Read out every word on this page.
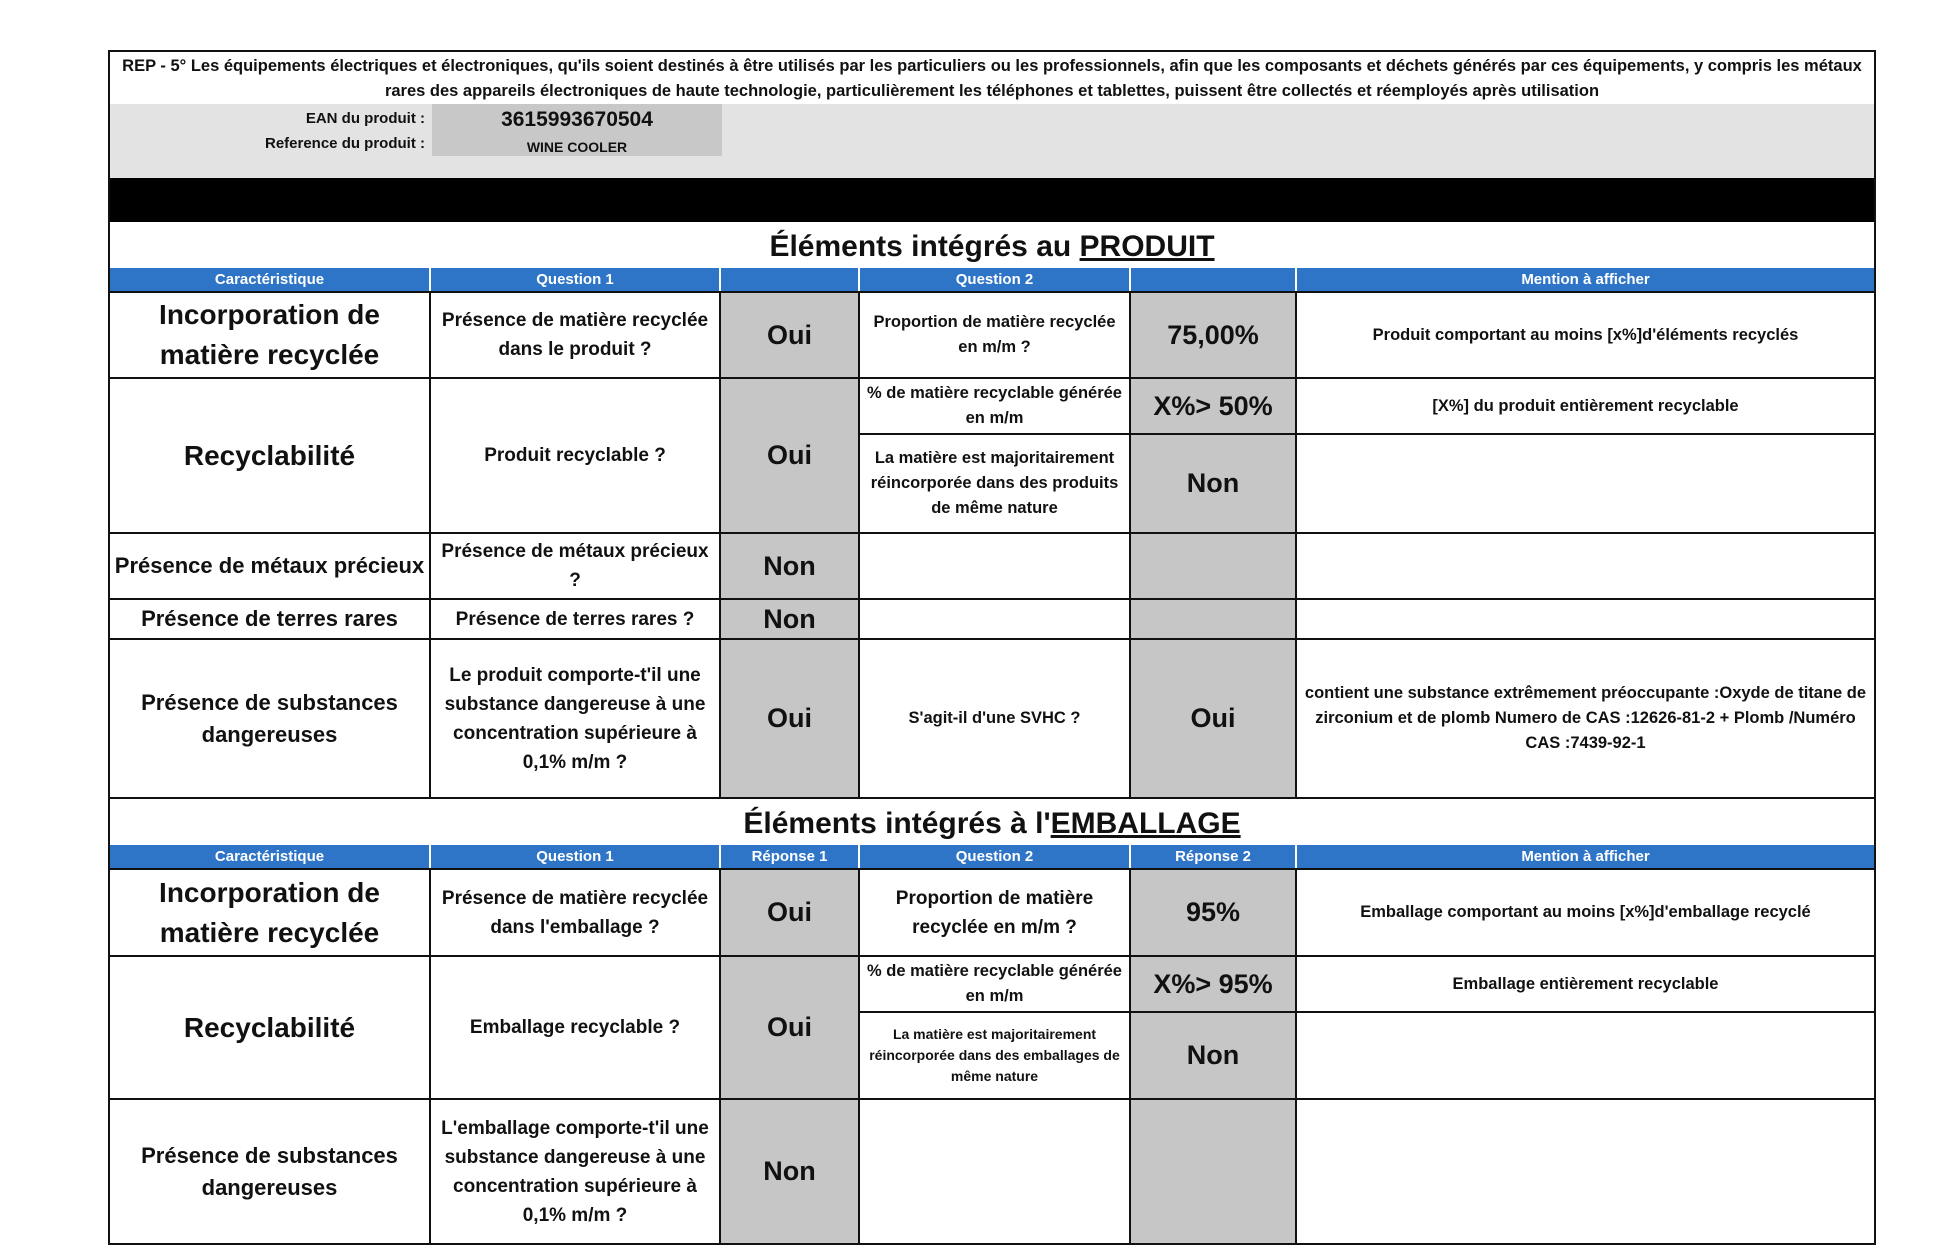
REP - 5° Les équipements électriques et électroniques, qu'ils soient destinés à être utilisés par les particuliers ou les professionnels, afin que les composants et déchets générés par ces équipements, y compris les métaux rares des appareils électroniques de haute technologie, particulièrement les téléphones et tablettes, puissent être collectés et réemployés après utilisation
EAN du produit :	3615993670504
Reference du produit :	WINE COOLER
Éléments intégrés au PRODUIT
Caractéristique	Question 1		Question 2		Mention à afficher
Incorporation de matière recyclée	Présence de matière recyclée dans le produit ?	Oui	Proportion de matière recyclée en m/m ?	75,00%	Produit comportant au moins [x%]d'éléments recyclés
Recyclabilité	Produit recyclable ?	Oui	% de matière recyclable générée en m/m	X%> 50%	[X%] du produit entièrement recyclable
			La matière est majoritairement réincorporée dans des produits de même nature	Non	
Présence de métaux précieux	Présence de métaux précieux ?	Non			
Présence de terres rares	Présence de terres rares ?	Non			
Présence de substances dangereuses	Le produit comporte-t'il une substance dangereuse à une concentration supérieure à 0,1% m/m ?	Oui	S'agit-il d'une SVHC ?	Oui	contient une substance extrêmement préoccupante :Oxyde de titane de zirconium et de plomb Numero de CAS :12626-81-2 + Plomb /Numéro CAS :7439-92-1
Éléments intégrés à l'EMBALLAGE
Caractéristique	Question 1	Réponse 1	Question 2	Réponse 2	Mention à afficher
Incorporation de matière recyclée	Présence de matière recyclée dans l'emballage ?	Oui	Proportion de matière recyclée en m/m ?	95%	Emballage comportant au moins [x%]d'emballage recyclé
Recyclabilité	Emballage recyclable ?	Oui	% de matière recyclable générée en m/m	X%> 95%	Emballage entièrement recyclable
			La matière est majoritairement réincorporée dans des emballages de même nature	Non	
Présence de substances dangereuses	L'emballage comporte-t'il une substance dangereuse à une concentration supérieure à 0,1% m/m ?	Non			
